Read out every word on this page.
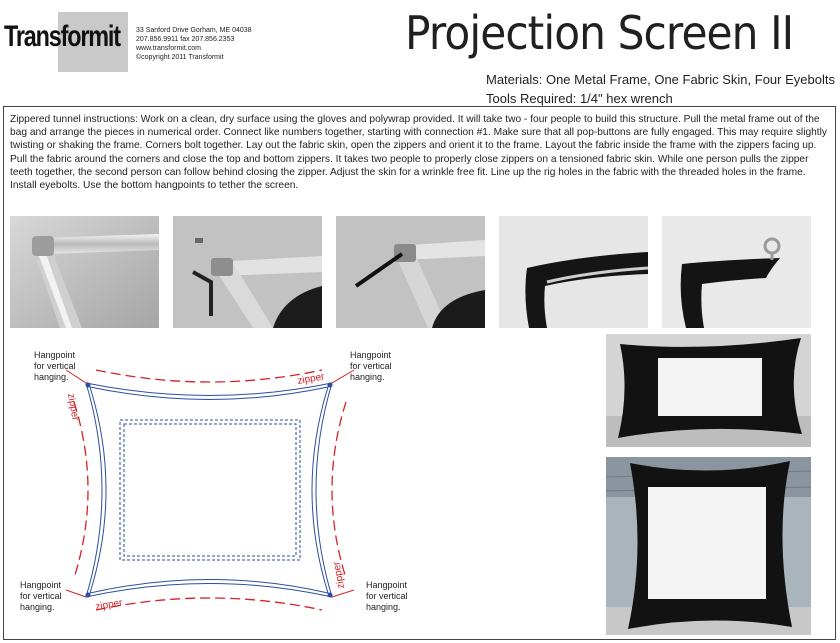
Transformit 33 Sanford Drive Gorham, ME 04038
207.856.9911 fax 207.856.2353
www.transformit.com
©copyright 2011 Transformit	Projection Screen II
Materials: One Metal Frame, One Fabric Skin, Four Eyebolts
Tools Required: 1/4" hex wrench
Zippered tunnel instructions: Work on a clean, dry surface using the gloves and polywrap provided. It will take two - four people to build this structure. Pull the metal frame out of the bag and arrange the pieces in numerical order. Connect like numbers together, starting with connection #1. Make sure that all pop-buttons are fully engaged. This may require slightly twisting or shaking the frame. Corners bolt together. Lay out the fabric skin, open the zippers and orient it to the frame. Layout the fabric inside the frame with the zippers facing up. Pull the fabric around the corners and close the top and bottom zippers. It takes two people to properly close zippers on a tensioned fabric skin. While one person pulls the zipper teeth together, the second person can follow behind closing the zipper. Adjust the skin for a wrinkle free fit. Line up the rig holes in the fabric with the threaded holes in the frame. Install eyebolts. Use the bottom hangpoints to tether the screen.
zipper
zipper
zipper
zipper
Hangpoint
for vertical
hanging.
Hangpoint
for vertical
hanging.
Hangpoint
for vertical
hanging.
Hangpoint
for vertical
hanging.
